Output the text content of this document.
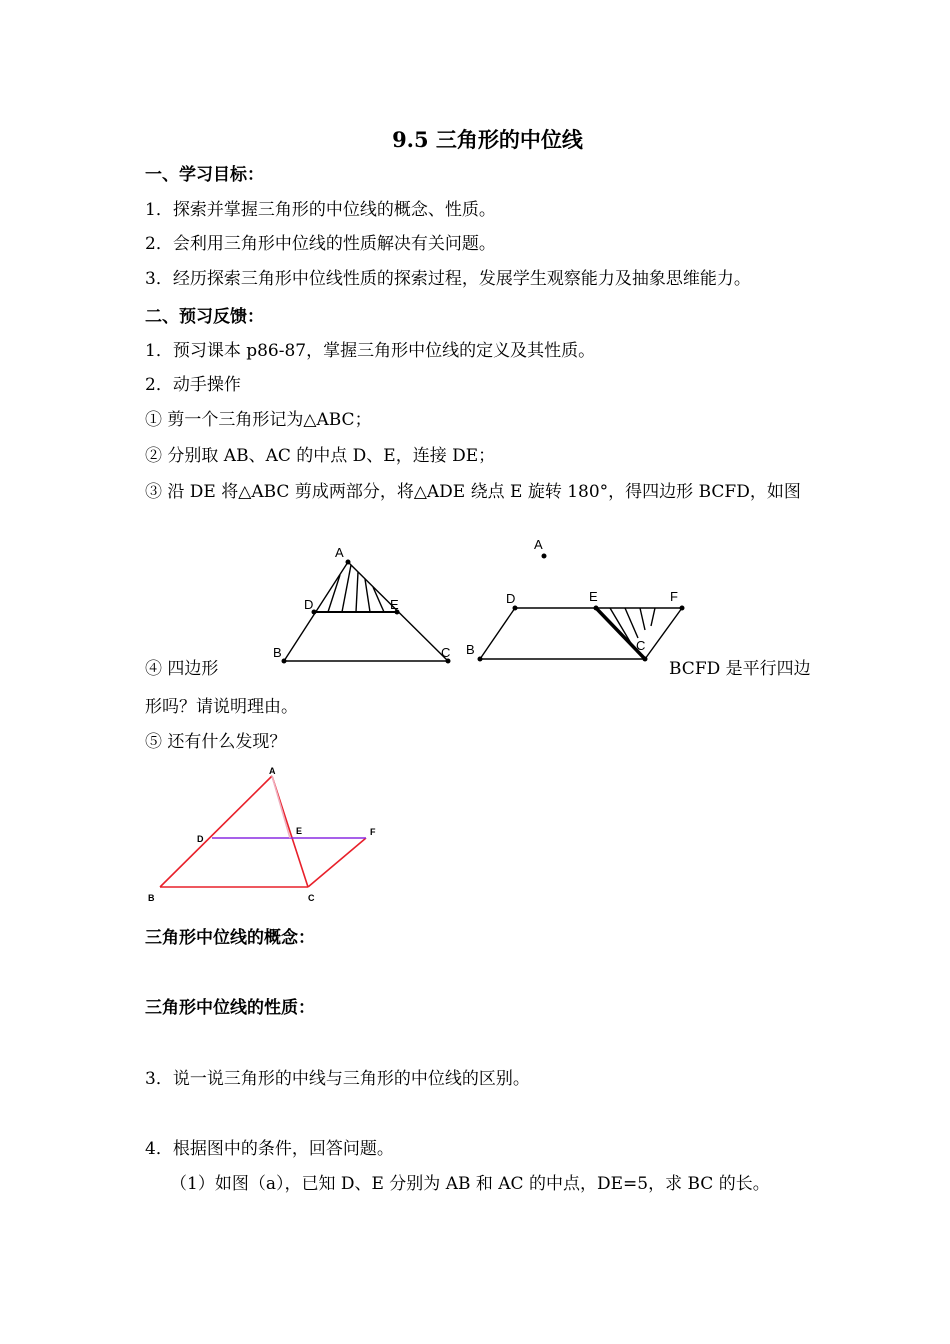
9.5 三角形的中位线
一、学习目标：
1．探索并掌握三角形的中位线的概念、性质。
2．会利用三角形中位线的性质解决有关问题。
3．经历探索三角形中位线性质的探索过程，发展学生观察能力及抽象思维能力。
二、预习反馈：
1．预习课本 p86-87，掌握三角形中位线的定义及其性质。
2．动手操作
① 剪一个三角形记为△ABC；
② 分别取 AB、AC 的中点 D、E，连接 DE；
③ 沿 DE 将△ABC 剪成两部分，将△ADE 绕点 E 旋转 180°，得四边形 BCFD，如图
A
D	E
B	C
A
D	E	F
B	C
④ 四边形	BCFD 是平行四边
形吗？请说明理由。
⑤ 还有什么发现？
A
D
E	F
B	C
三角形中位线的概念：
三角形中位线的性质：
3．说一说三角形的中线与三角形的中位线的区别。
4．根据图中的条件，回答问题。
（1）如图（a），已知 D、E 分别为 AB 和 AC 的中点，DE=5，求 BC 的长。
